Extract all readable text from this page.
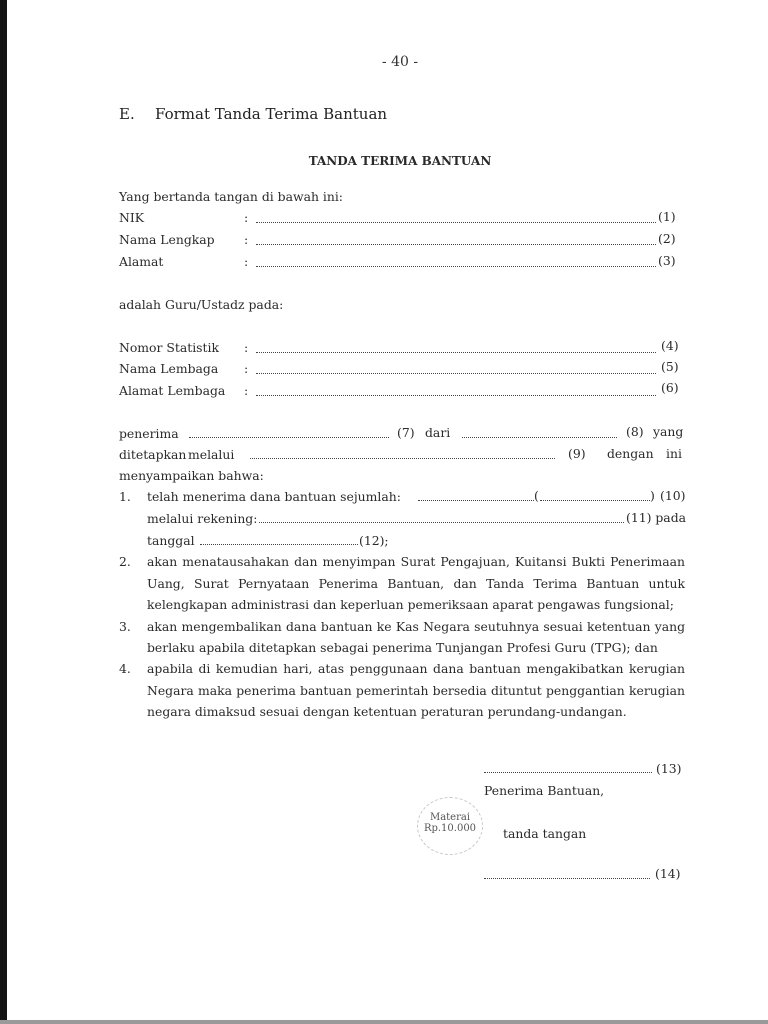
- 40 -
E. Format Tanda Terima Bantuan
TANDA TERIMA BANTUAN
Yang bertanda tangan di bawah ini:
NIK	:	(1)
Nama Lengkap :	(2)
Alamat	:	(3)
adalah Guru/Ustadz pada:
Nomor Statistik :	(4)
Nama Lembaga :	(5)
Alamat Lembaga :	(6)
penerima	(7) dari	(8) yang
ditetapkan melalui	(9) dengan ini
menyampaikan bahwa:
1. telah menerima dana bantuan sejumlah:	(	) (10)
melalui rekening:	(11) pada
tanggal	(12);
2. akan menatausahakan dan menyimpan Surat Pengajuan, Kuitansi Bukti Penerimaan
Uang, Surat Pernyataan Penerima Bantuan, dan Tanda Terima Bantuan untuk
kelengkapan administrasi dan keperluan pemeriksaan aparat pengawas fungsional;
3. akan mengembalikan dana bantuan ke Kas Negara seutuhnya sesuai ketentuan yang
berlaku apabila ditetapkan sebagai penerima Tunjangan Profesi Guru (TPG); dan
4. apabila di kemudian hari, atas penggunaan dana bantuan mengakibatkan kerugian
Negara maka penerima bantuan pemerintah bersedia dituntut penggantian kerugian
negara dimaksud sesuai dengan ketentuan peraturan perundang-undangan.
(13)
Penerima Bantuan,
Materai
Rp.10.000	tanda tangan
(14)
